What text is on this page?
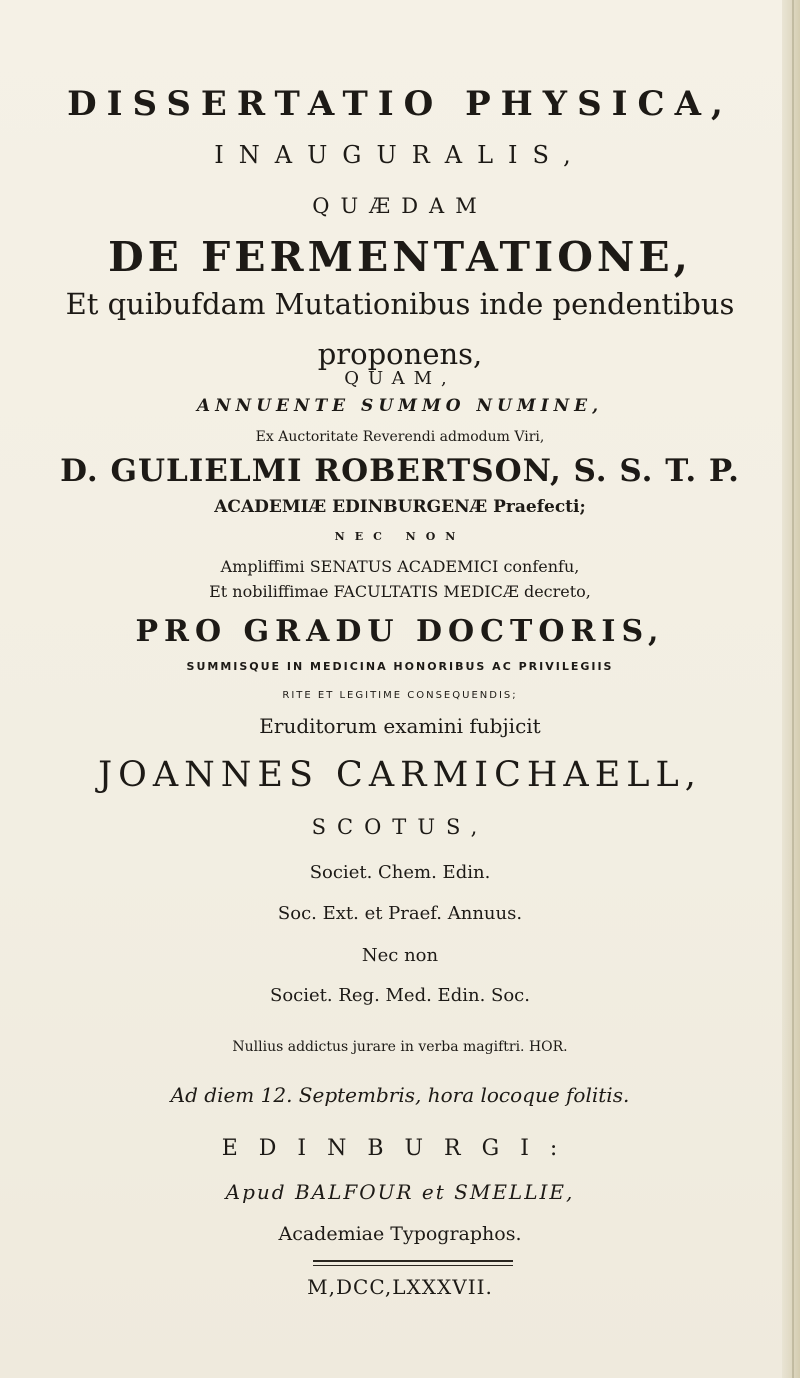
DISSERTATIO PHYSICA,
INAUGURALIS,
QUÆDAM
DE FERMENTATIONE,
Et quibufdam Mutationibus inde pendentibus
proponens,
QUAM,
ANNUENTE SUMMO NUMINE,
Ex Auctoritate Reverendi admodum Viri,
D. GULIELMI ROBERTSON, S. S. T. P.
ACADEMIÆ EDINBURGENÆ Praefecti;
NEC NON
Ampliffimi SENATUS ACADEMICI confenfu,
Et nobiliffimae FACULTATIS MEDICÆ decreto,
PRO GRADU DOCTORIS,
SUMMISQUE IN MEDICINA HONORIBUS AC PRIVILEGIIS
RITE ET LEGITIME CONSEQUENDIS;
Eruditorum examini fubjicit
JOANNES CARMICHAELL,
SCOTUS,
Societ. Chem. Edin.
Soc. Ext. et Praef. Annuus.
Nec non
Societ. Reg. Med. Edin. Soc.
Nullius addictus jurare in verba magiftri. HOR.
Ad diem 12. Septembris, hora locoque folitis.
EDINBURGI:
Apud BALFOUR et SMELLIE,
Academiae Typographos.
M,DCC,LXXXVII.
